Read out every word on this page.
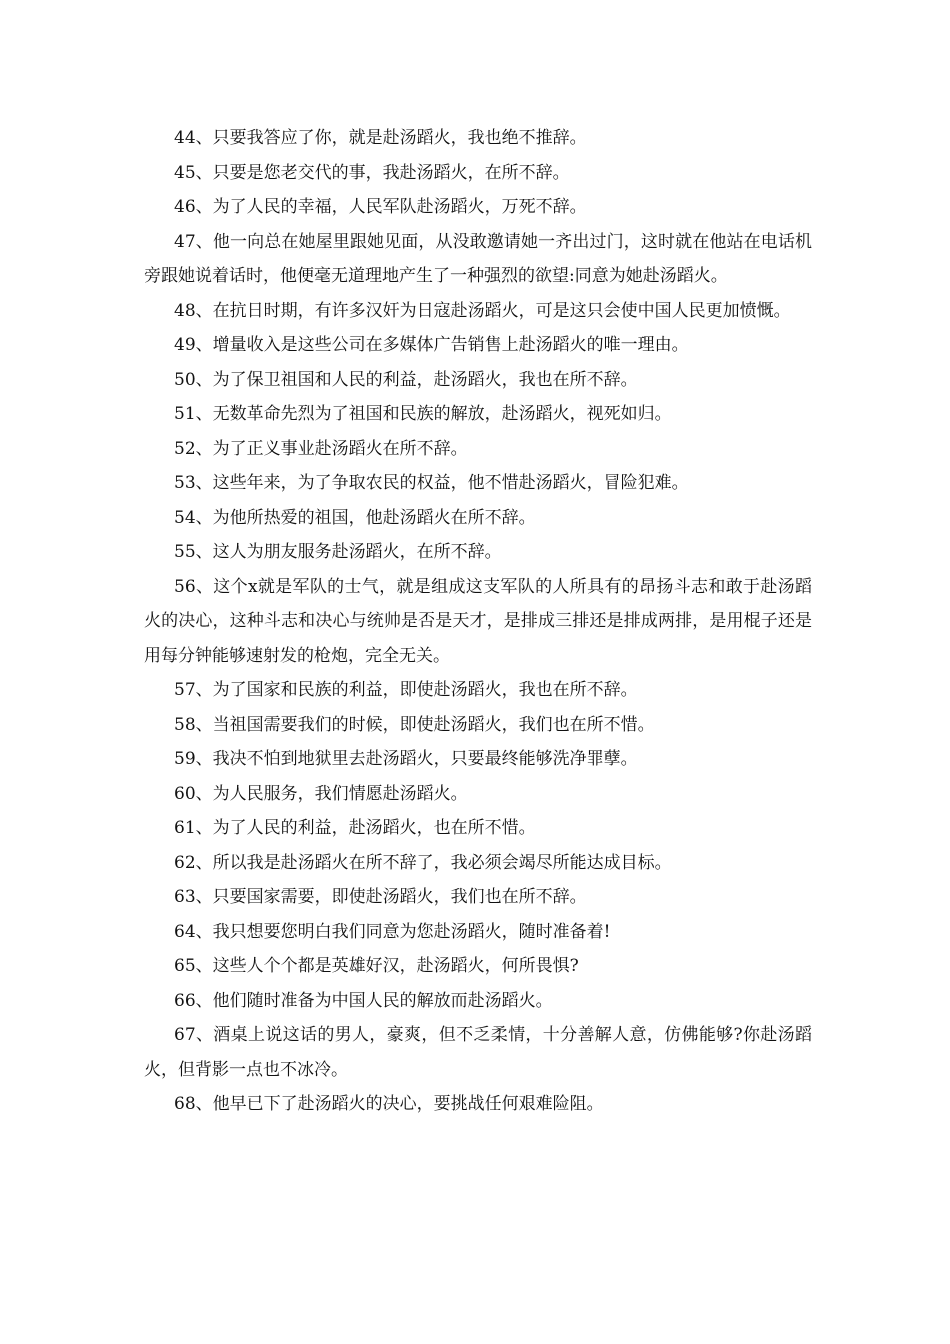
44、只要我答应了你，就是赴汤蹈火，我也绝不推辞。

45、只要是您老交代的事，我赴汤蹈火，在所不辞。

46、为了人民的幸福，人民军队赴汤蹈火，万死不辞。

47、他一向总在她屋里跟她见面，从没敢邀请她一齐出过门，这时就在他站在电话机旁跟她说着话时，他便毫无道理地产生了一种强烈的欲望:同意为她赴汤蹈火。

48、在抗日时期，有许多汉奸为日寇赴汤蹈火，可是这只会使中国人民更加愤慨。

49、增量收入是这些公司在多媒体广告销售上赴汤蹈火的唯一理由。

50、为了保卫祖国和人民的利益，赴汤蹈火，我也在所不辞。

51、无数革命先烈为了祖国和民族的解放，赴汤蹈火，视死如归。

52、为了正义事业赴汤蹈火在所不辞。

53、这些年来，为了争取农民的权益，他不惜赴汤蹈火，冒险犯难。

54、为他所热爱的祖国，他赴汤蹈火在所不辞。

55、这人为朋友服务赴汤蹈火，在所不辞。

56、这个x就是军队的士气，就是组成这支军队的人所具有的昂扬斗志和敢于赴汤蹈火的决心，这种斗志和决心与统帅是否是天才，是排成三排还是排成两排，是用棍子还是用每分钟能够速射发的枪炮，完全无关。

57、为了国家和民族的利益，即使赴汤蹈火，我也在所不辞。

58、当祖国需要我们的时候，即使赴汤蹈火，我们也在所不惜。

59、我决不怕到地狱里去赴汤蹈火，只要最终能够洗净罪孽。

60、为人民服务，我们情愿赴汤蹈火。

61、为了人民的利益，赴汤蹈火，也在所不惜。

62、所以我是赴汤蹈火在所不辞了，我必须会竭尽所能达成目标。

63、只要国家需要，即使赴汤蹈火，我们也在所不辞。

64、我只想要您明白我们同意为您赴汤蹈火，随时准备着!

65、这些人个个都是英雄好汉，赴汤蹈火，何所畏惧?

66、他们随时准备为中国人民的解放而赴汤蹈火。

67、酒桌上说这话的男人，豪爽，但不乏柔情，十分善解人意，仿佛能够?你赴汤蹈火，但背影一点也不冰冷。

68、他早已下了赴汤蹈火的决心，要挑战任何艰难险阻。
